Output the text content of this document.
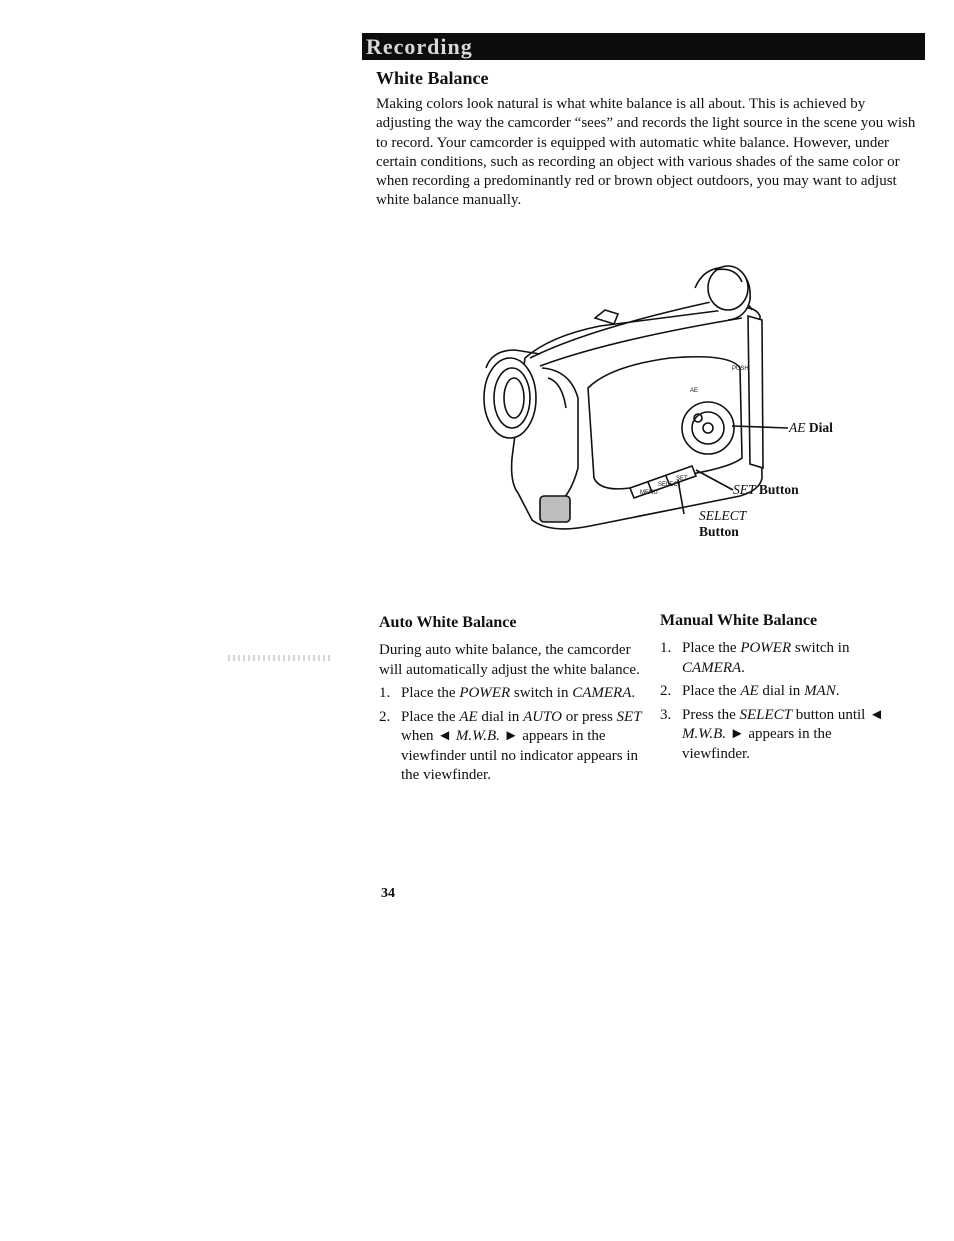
Recording
White Balance

Making colors look natural is what white balance is all about. This is achieved by adjusting the way the camcorder “sees” and records the light source in the scene you wish to record. Your camcorder is equipped with automatic white balance. However, under certain conditions, such as recording an object with various shades of the same color or when recording a predominantly red or brown object outdoors, you may want to adjust white balance manually.

AE
PUSH
MENU
SELECT
SET
AE Dial
SET Button
SELECT
Button
Auto White Balance

During auto white balance, the camcorder will automatically adjust the white balance.

1. Place the POWER switch in CAMERA.
2. Place the AE dial in AUTO or press SET when ◄ M.W.B. ► appears in the viewfinder until no indicator appears in the viewfinder.
Manual White Balance
1. Place the POWER switch in CAMERA.
2. Place the AE dial in MAN.
3. Press the SELECT button until ◄ M.W.B. ► appears in the viewfinder.
34
